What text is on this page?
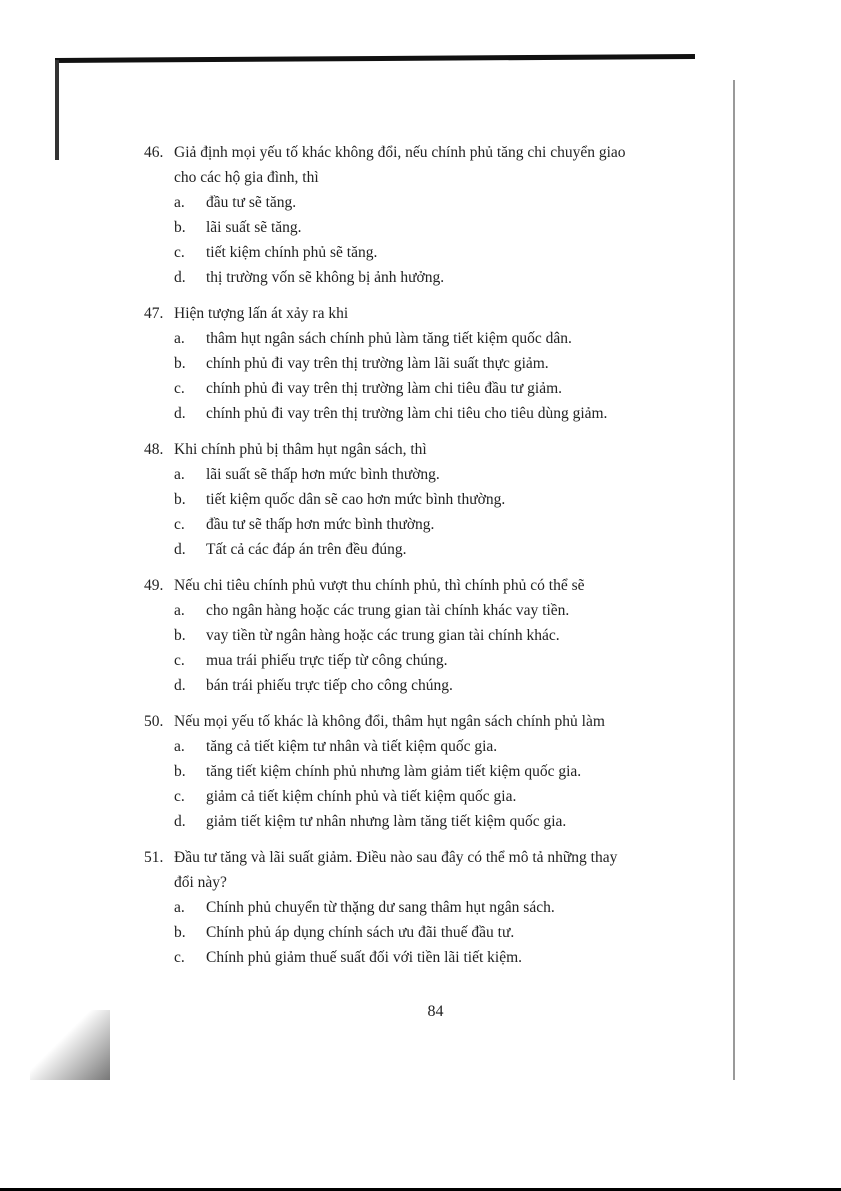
46. Giả định mọi yếu tố khác không đổi, nếu chính phủ tăng chi chuyển giao
cho các hộ gia đình, thì
a.	đầu tư sẽ tăng.
b.	lãi suất sẽ tăng.
c.	tiết kiệm chính phủ sẽ tăng.
d.	thị trường vốn sẽ không bị ảnh hưởng.
47. Hiện tượng lấn át xảy ra khi
a.	thâm hụt ngân sách chính phủ làm tăng tiết kiệm quốc dân.
b.	chính phủ đi vay trên thị trường làm lãi suất thực giảm.
c.	chính phủ đi vay trên thị trường làm chi tiêu đầu tư giảm.
d.	chính phủ đi vay trên thị trường làm chi tiêu cho tiêu dùng giảm.
48. Khi chính phủ bị thâm hụt ngân sách, thì
a.	lãi suất sẽ thấp hơn mức bình thường.
b.	tiết kiệm quốc dân sẽ cao hơn mức bình thường.
c.	đầu tư sẽ thấp hơn mức bình thường.
d.	Tất cả các đáp án trên đều đúng.
49. Nếu chi tiêu chính phủ vượt thu chính phủ, thì chính phủ có thể sẽ
a.	cho ngân hàng hoặc các trung gian tài chính khác vay tiền.
b.	vay tiền từ ngân hàng hoặc các trung gian tài chính khác.
c.	mua trái phiếu trực tiếp từ công chúng.
d.	bán trái phiếu trực tiếp cho công chúng.
50. Nếu mọi yếu tố khác là không đổi, thâm hụt ngân sách chính phủ làm
a.	tăng cả tiết kiệm tư nhân và tiết kiệm quốc gia.
b.	tăng tiết kiệm chính phủ nhưng làm giảm tiết kiệm quốc gia.
c.	giảm cả tiết kiệm chính phủ và tiết kiệm quốc gia.
d.	giảm tiết kiệm tư nhân nhưng làm tăng tiết kiệm quốc gia.
51. Đầu tư tăng và lãi suất giảm. Điều nào sau đây có thể mô tả những thay
đổi này?
a.	Chính phủ chuyển từ thặng dư sang thâm hụt ngân sách.
b.	Chính phủ áp dụng chính sách ưu đãi thuế đầu tư.
c.	Chính phủ giảm thuế suất đối với tiền lãi tiết kiệm.
84
